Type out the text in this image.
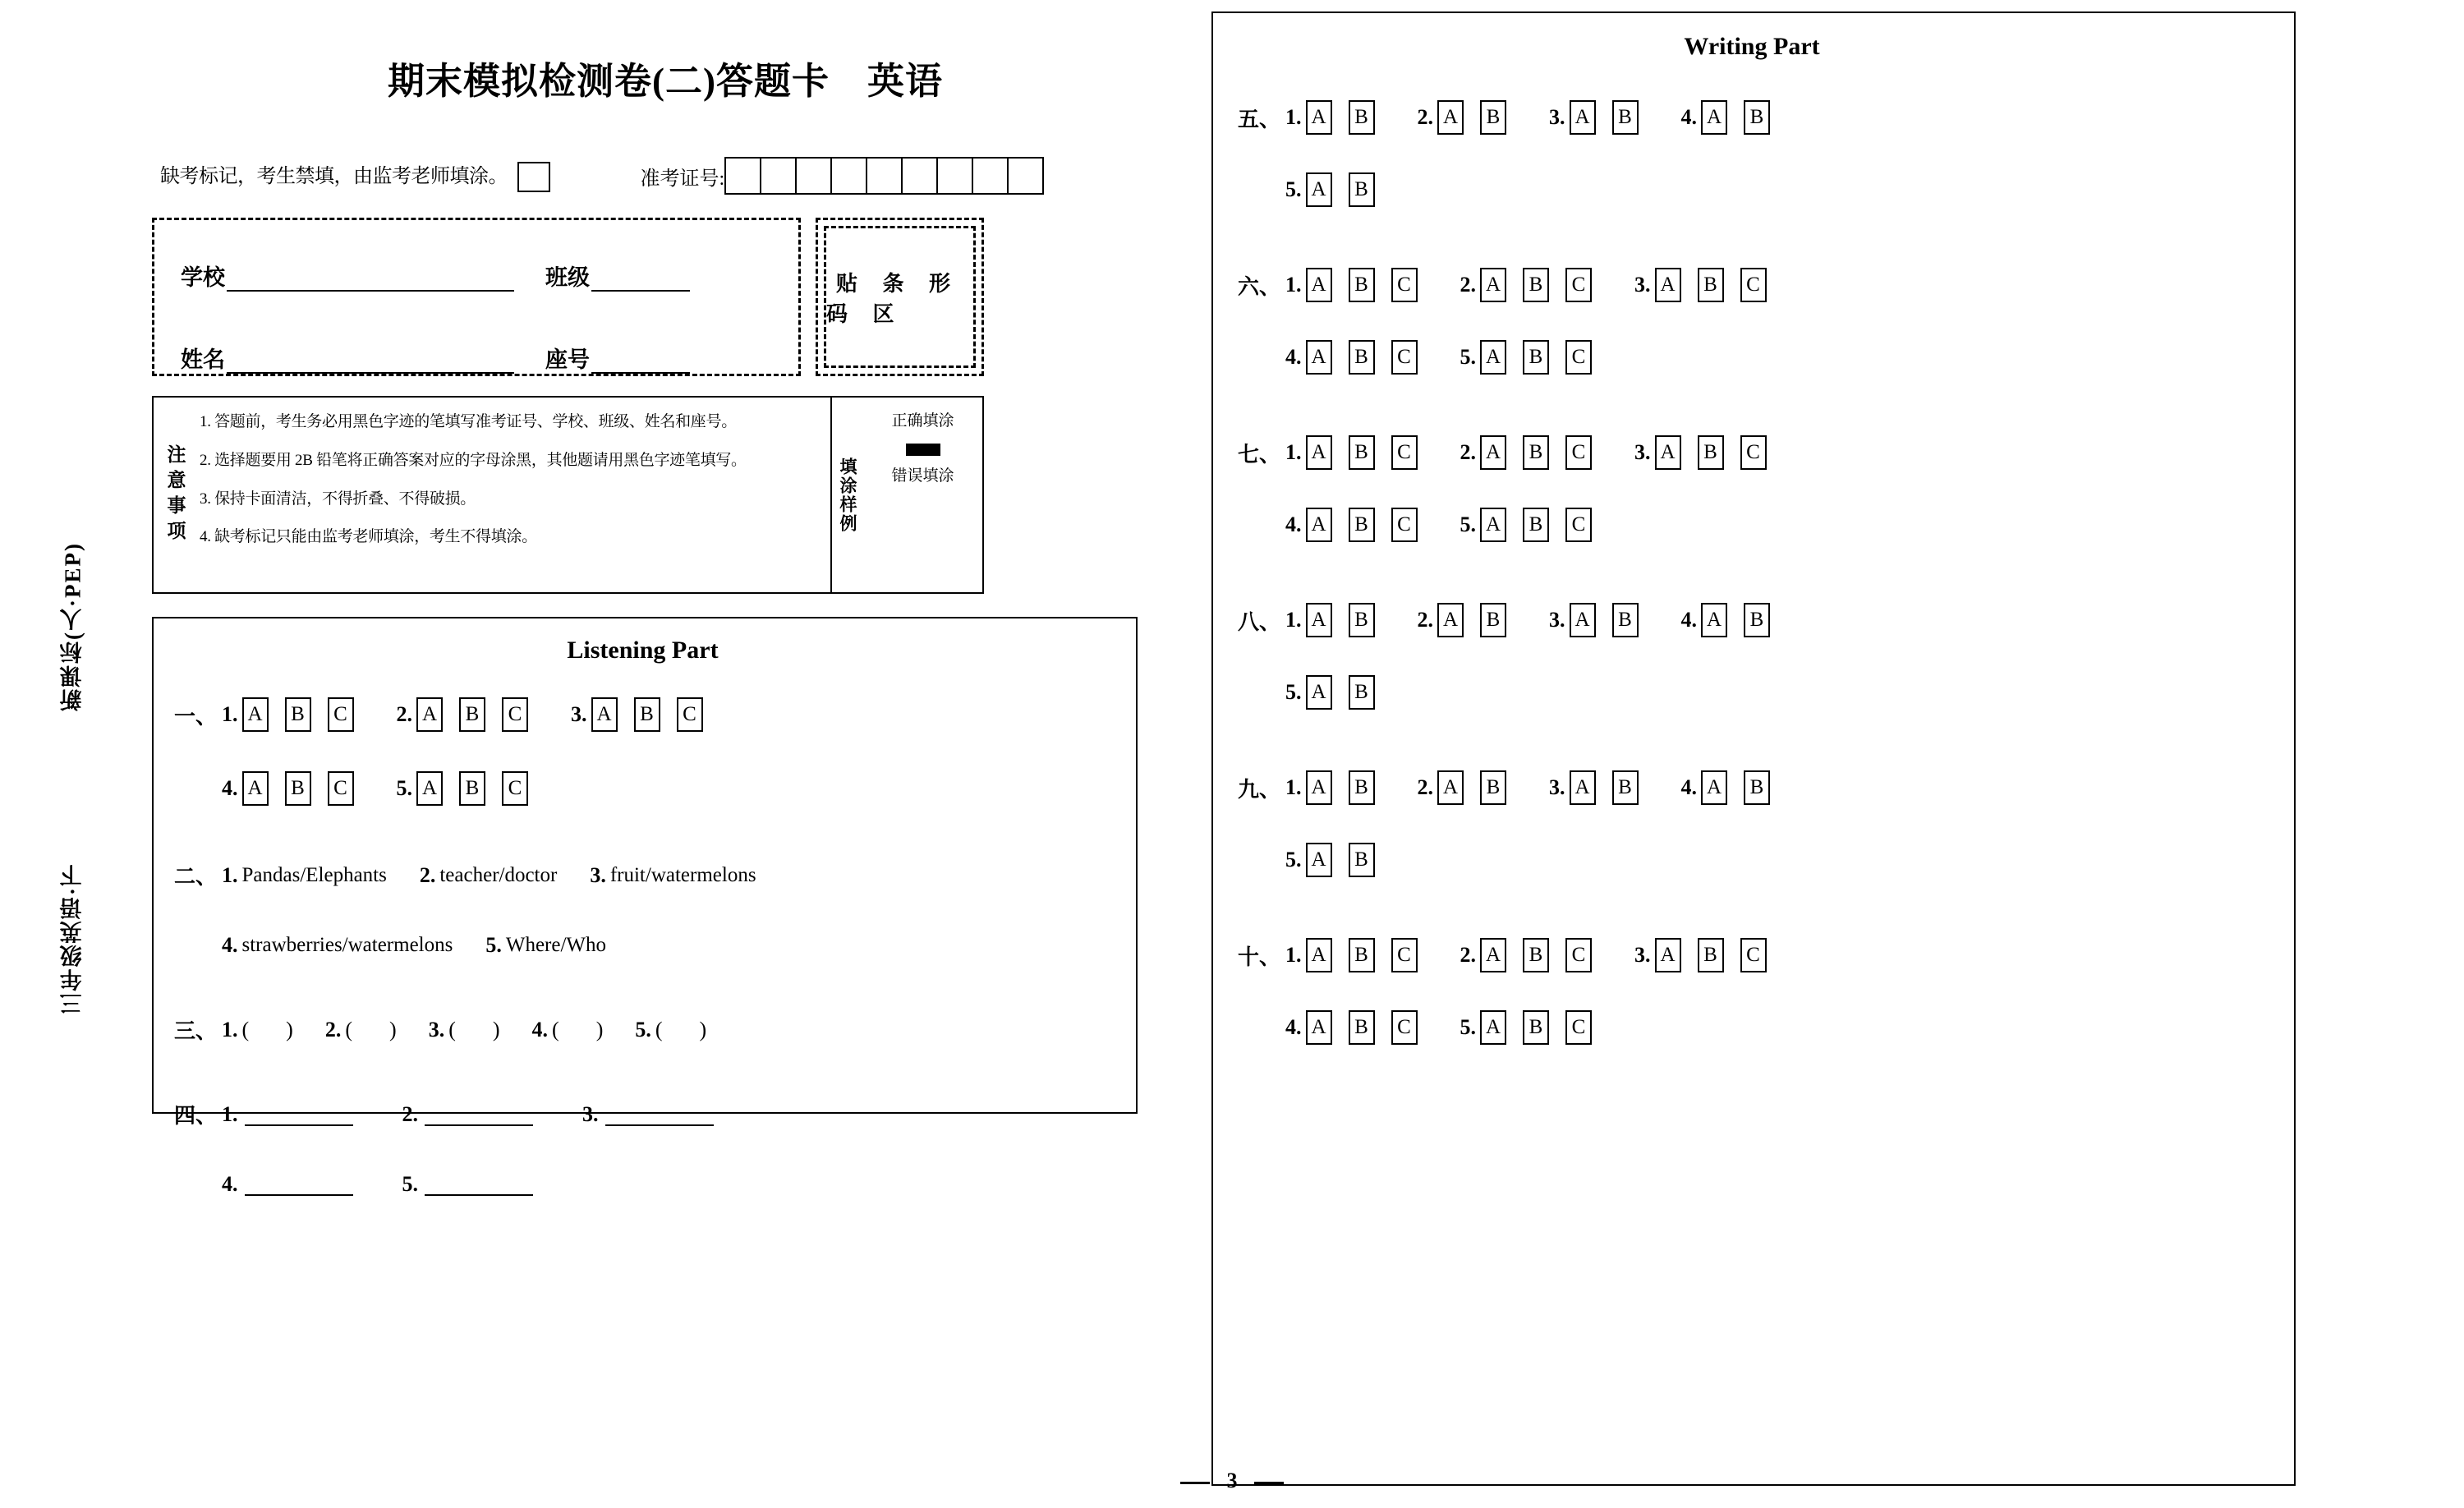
新课标(人·PEP)
三年级英语·下
期末模拟检测卷(二)答题卡　英语
缺考标记，考生禁填，由监考老师填涂。	准考证号:
学校	班级
姓名	座号
贴 条 形 码 区
注意事项
1. 答题前，考生务必用黑色字迹的笔填写准考证号、学校、班级、姓名和座号。
2. 选择题要用 2B 铅笔将正确答案对应的字母涂黑，其他题请用黑色字迹笔填写。
3. 保持卡面清洁，不得折叠、不得破损。
4. 缺考标记只能由监考老师填涂，考生不得填涂。
填涂样例
正确填涂
错误填涂
Listening Part
一、 1. A	B	C 2. A	B	C 3. A	B	C
4. A	B	C 5. A	B	C
二、 1. Pandas/Elephants 2. teacher/doctor 3. fruit/watermelons
4. strawberries/watermelons 5. Where/Who
三、 1. ( ) 2. ( ) 3. ( ) 4. ( ) 5. ( )
四、 1.	2.	3.
4.	5.
Writing Part
五、 1. A	B 2. A	B 3. A	B 4. A	B
5. A	B
六、 1. A	B	C 2. A	B	C 3. A	B	C
4. A	B	C 5. A	B	C
七、 1. A	B	C 2. A	B	C 3. A	B	C
4. A	B	C 5. A	B	C
八、 1. A	B 2. A	B 3. A	B 4. A	B
5. A	B
九、 1. A	B 2. A	B 3. A	B 4. A	B
5. A	B
十、 1. A	B	C 2. A	B	C 3. A	B	C
4. A	B	C 5. A	B	C
3
